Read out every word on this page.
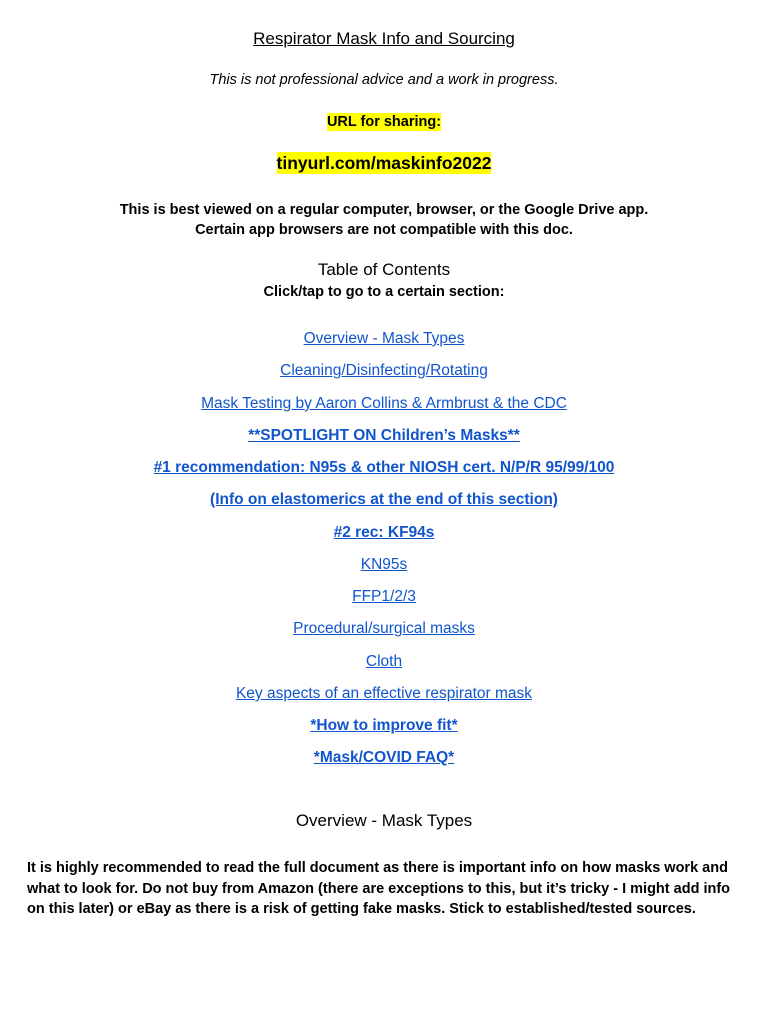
Respirator Mask Info and Sourcing
This is not professional advice and a work in progress.
URL for sharing:
tinyurl.com/maskinfo2022
This is best viewed on a regular computer, browser, or the Google Drive app.
Certain app browsers are not compatible with this doc.
Table of Contents
Click/tap to go to a certain section:
Overview - Mask Types
Cleaning/Disinfecting/Rotating
Mask Testing by Aaron Collins & Armbrust & the CDC
**SPOTLIGHT ON Children’s Masks**
#1 recommendation: N95s & other NIOSH cert. N/P/R 95/99/100
(Info on elastomerics at the end of this section)
#2 rec: KF94s
KN95s
FFP1/2/3
Procedural/surgical masks
Cloth
Key aspects of an effective respirator mask
*How to improve fit*
*Mask/COVID FAQ*
Overview - Mask Types

It is highly recommended to read the full document as there is important info on how masks work and what to look for. Do not buy from Amazon (there are exceptions to this, but it’s tricky - I might add info on this later) or eBay as there is a risk of getting fake masks. Stick to established/tested sources.
